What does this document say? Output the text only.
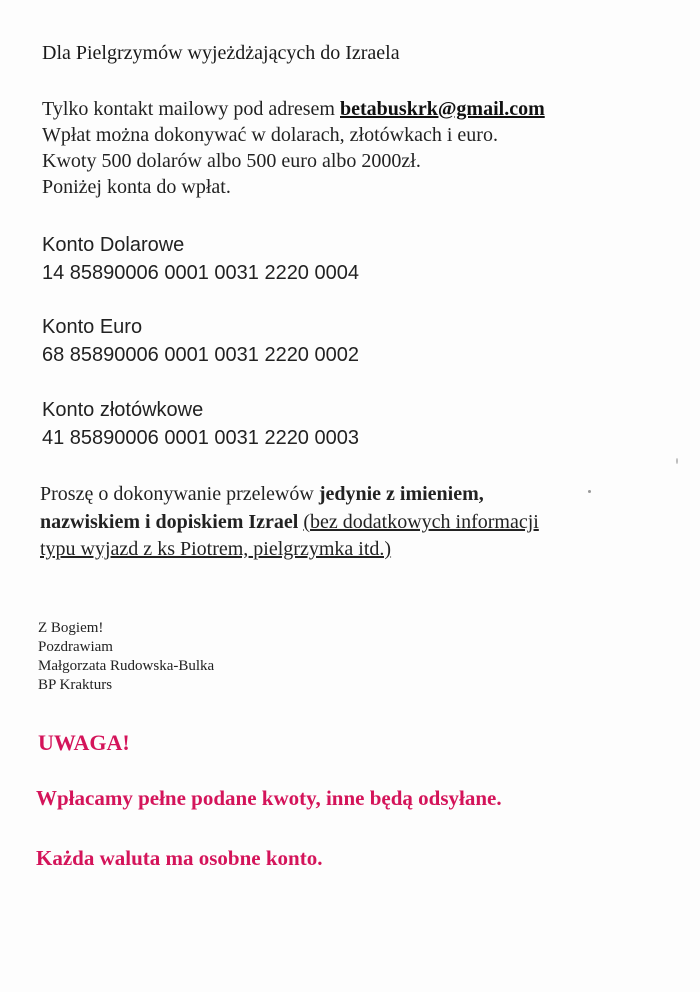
Dla Pielgrzymów wyjeżdżających do Izraela
Tylko kontakt mailowy pod adresem betabuskrk@gmail.com
Wpłat można dokonywać w dolarach, złotówkach i euro.
Kwoty 500 dolarów albo 500 euro albo 2000zł.
Poniżej konta do wpłat.
Konto Dolarowe
14 85890006 0001 0031 2220 0004
Konto Euro
68 85890006 0001 0031 2220 0002
Konto złotówkowe
41 85890006 0001 0031 2220 0003
Proszę o dokonywanie przelewów jedynie z imieniem,
nazwiskiem i dopiskiem Izrael (bez dodatkowych informacji
typu wyjazd z ks Piotrem, pielgrzymka itd.)
Z Bogiem!
Pozdrawiam
Małgorzata Rudowska-Bulka
BP Krakturs
UWAGA!
Wpłacamy pełne podane kwoty, inne będą odsyłane.
Każda waluta ma osobne konto.
